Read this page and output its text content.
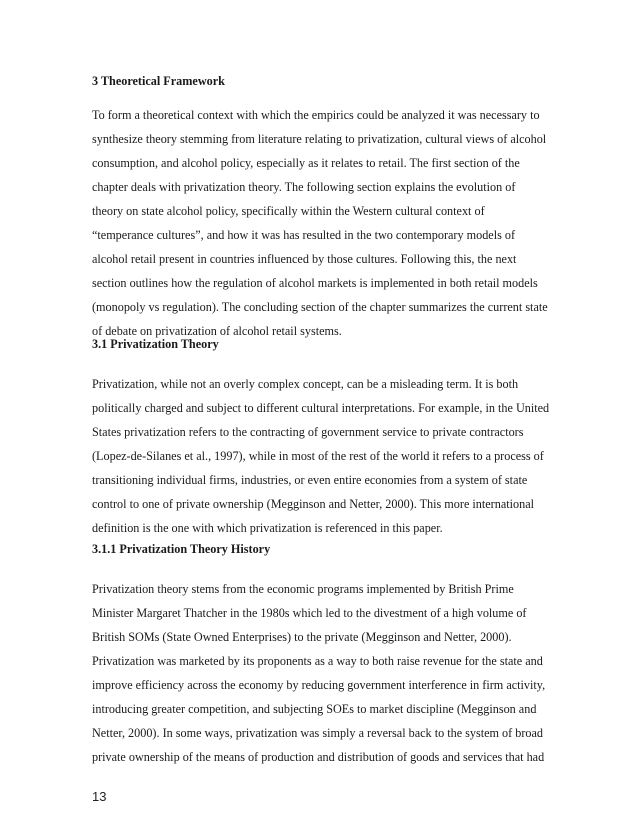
3 Theoretical Framework
To form a theoretical context with which the empirics could be analyzed it was necessary to
synthesize theory stemming from literature relating to privatization, cultural views of alcohol
consumption, and alcohol policy, especially as it relates to retail. The first section of the
chapter deals with privatization theory. The following section explains the evolution of
theory on state alcohol policy, specifically within the Western cultural context of
“temperance cultures”, and how it was has resulted in the two contemporary models of
alcohol retail present in countries influenced by those cultures. Following this, the next
section outlines how the regulation of alcohol markets is implemented in both retail models
(monopoly vs regulation). The concluding section of the chapter summarizes the current state
of debate on privatization of alcohol retail systems.
3.1 Privatization Theory
Privatization, while not an overly complex concept, can be a misleading term. It is both
politically charged and subject to different cultural interpretations. For example, in the United
States privatization refers to the contracting of government service to private contractors
(Lopez-de-Silanes et al., 1997), while in most of the rest of the world it refers to a process of
transitioning individual firms, industries, or even entire economies from a system of state
control to one of private ownership (Megginson and Netter, 2000). This more international
definition is the one with which privatization is referenced in this paper.
3.1.1 Privatization Theory History
Privatization theory stems from the economic programs implemented by British Prime
Minister Margaret Thatcher in the 1980s which led to the divestment of a high volume of
British SOMs (State Owned Enterprises) to the private (Megginson and Netter, 2000).
Privatization was marketed by its proponents as a way to both raise revenue for the state and
improve efficiency across the economy by reducing government interference in firm activity,
introducing greater competition, and subjecting SOEs to market discipline (Megginson and
Netter, 2000). In some ways, privatization was simply a reversal back to the system of broad
private ownership of the means of production and distribution of goods and services that had
13
